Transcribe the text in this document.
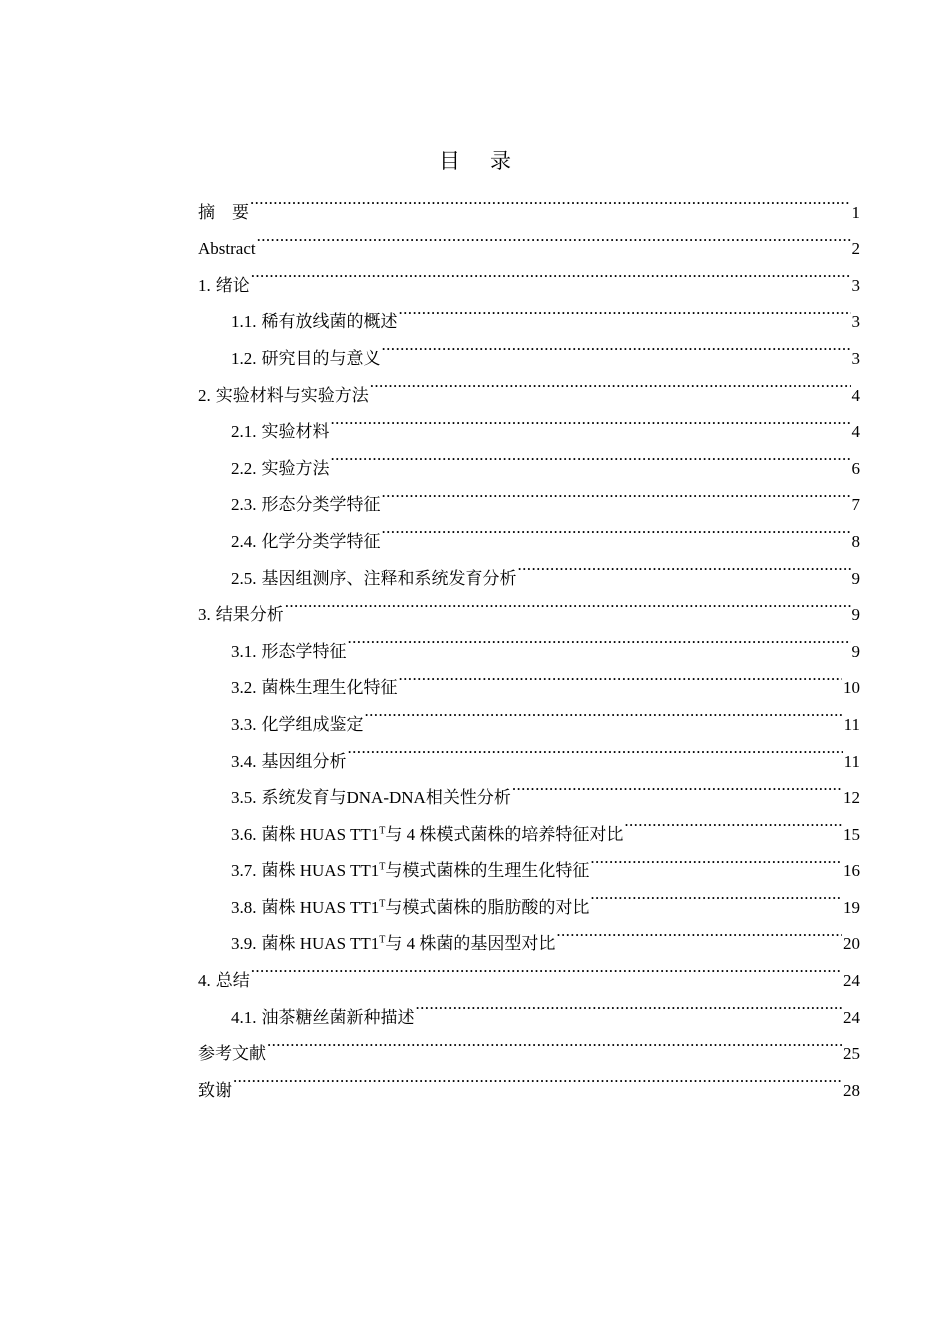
目 录
摘　要 .....	1
Abstract .....	2
1. 绪论 .....	3
1.1. 稀有放线菌的概述 .....	3
1.2. 研究目的与意义 .....	3
2. 实验材料与实验方法 .....	4
2.1. 实验材料 .....	4
2.2. 实验方法 .....	6
2.3. 形态分类学特征 .....	7
2.4. 化学分类学特征 .....	8
2.5. 基因组测序、注释和系统发育分析 .....	9
3. 结果分析 .....	9
3.1. 形态学特征 .....	9
3.2. 菌株生理生化特征 .....	10
3.3. 化学组成鉴定 .....	11
3.4. 基因组分析 .....	11
3.5. 系统发育与DNA-DNA相关性分析 .....	12
3.6. 菌株 HUAS $TT1^T$与 4 株模式菌株的培养特征对比 .....	15
3.7. 菌株 HUAS $TT1^T$与模式菌株的生理生化特征 .....	16
3.8. 菌株 HUAS $TT1^T$与模式菌株的脂肪酸的对比 .....	19
3.9. 菌株 HUAS $TT1^T$与 4 株菌的基因型对比 .....	20
4. 总结 .....	24
4.1. 油茶糖丝菌新种描述 .....	24
参考文献 .....	25
致谢 .....	28
